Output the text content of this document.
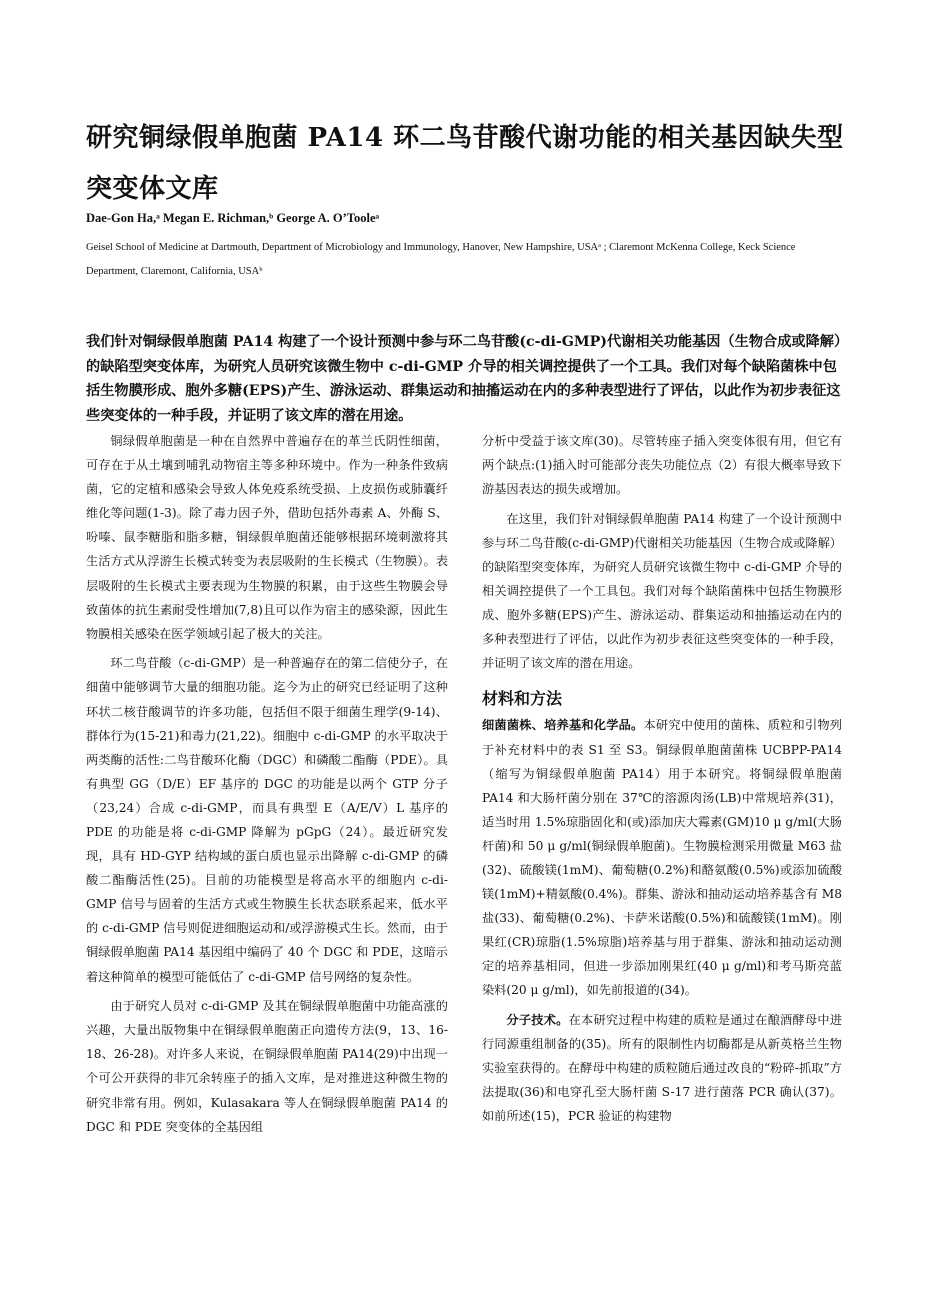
研究铜绿假单胞菌 PA14 环二鸟苷酸代谢功能的相关基因缺失型突变体文库
Dae-Gon Ha,ᵃ Megan E. Richman,ᵇ George A. O’Tooleᵃ
Geisel School of Medicine at Dartmouth, Department of Microbiology and Immunology, Hanover, New Hampshire, USAᵃ ; Claremont McKenna College, Keck Science
Department, Claremont, California, USAᵇ

我们针对铜绿假单胞菌 PA14 构建了一个设计预测中参与环二鸟苷酸(c-di-GMP)代谢相关功能基因（生物合成或降解）的缺陷型突变体库，为研究人员研究该微生物中 c-di-GMP 介导的相关调控提供了一个工具。我们对每个缺陷菌株中包括生物膜形成、胞外多糖(EPS)产生、游泳运动、群集运动和抽搐运动在内的多种表型进行了评估，以此作为初步表征这些突变体的一种手段，并证明了该文库的潜在用途。

铜绿假单胞菌是一种在自然界中普遍存在的革兰氏阴性细菌，可存在于从土壤到哺乳动物宿主等多种环境中。作为一种条件致病菌，它的定植和感染会导致人体免疫系统受损、上皮损伤或肺囊纤维化等问题(1-3)。除了毒力因子外，借助包括外毒素 A、外酶 S、吩嗪、鼠李糖脂和脂多糖，铜绿假单胞菌还能够根据环境刺激将其生活方式从浮游生长模式转变为表层吸附的生长模式（生物膜）。表层吸附的生长模式主要表现为生物膜的积累，由于这些生物膜会导致菌体的抗生素耐受性增加(7,8)且可以作为宿主的感染源，因此生物膜相关感染在医学领域引起了极大的关注。

环二鸟苷酸（c-di-GMP）是一种普遍存在的第二信使分子，在细菌中能够调节大量的细胞功能。迄今为止的研究已经证明了这种环状二核苷酸调节的许多功能，包括但不限于细菌生理学(9-14)、群体行为(15-21)和毒力(21,22)。细胞中 c-di-GMP 的水平取决于两类酶的活性:二鸟苷酸环化酶（DGC）和磷酸二酯酶（PDE）。具有典型 GG（D/E）EF 基序的 DGC 的功能是以两个 GTP 分子（23,24）合成 c-di-GMP，而具有典型 E（A/E/V）L 基序的 PDE 的功能是将 c-di-GMP 降解为 pGpG（24）。最近研究发现，具有 HD-GYP 结构域的蛋白质也显示出降解 c-di-GMP 的磷酸二酯酶活性(25)。目前的功能模型是将高水平的细胞内 c-di-GMP 信号与固着的生活方式或生物膜生长状态联系起来，低水平的 c-di-GMP 信号则促进细胞运动和/或浮游模式生长。然而，由于铜绿假单胞菌 PA14 基因组中编码了 40 个 DGC 和 PDE，这暗示着这种简单的模型可能低估了 c-di-GMP 信号网络的复杂性。

由于研究人员对 c-di-GMP 及其在铜绿假单胞菌中功能高涨的兴趣，大量出版物集中在铜绿假单胞菌正向遗传方法(9，13、16-18、26-28)。对许多人来说，在铜绿假单胞菌 PA14(29)中出现一个可公开获得的非冗余转座子的插入文库，是对推进这种微生物的研究非常有用。例如，Kulasakara 等人在铜绿假单胞菌 PA14 的 DGC 和 PDE 突变体的全基因组

分析中受益于该文库(30)。尽管转座子插入突变体很有用，但它有两个缺点:(1)插入时可能部分丧失功能位点（2）有很大概率导致下游基因表达的损失或增加。

在这里，我们针对铜绿假单胞菌 PA14 构建了一个设计预测中参与环二鸟苷酸(c-di-GMP)代谢相关功能基因（生物合成或降解）的缺陷型突变体库，为研究人员研究该微生物中 c-di-GMP 介导的相关调控提供了一个工具包。我们对每个缺陷菌株中包括生物膜形成、胞外多糖(EPS)产生、游泳运动、群集运动和抽搐运动在内的多种表型进行了评估，以此作为初步表征这些突变体的一种手段，并证明了该文库的潜在用途。

材料和方法

细菌菌株、培养基和化学品。本研究中使用的菌株、质粒和引物列于补充材料中的表 S1 至 S3。铜绿假单胞菌菌株 UCBPP-PA14（缩写为铜绿假单胞菌 PA14）用于本研究。将铜绿假单胞菌 PA14 和大肠杆菌分别在 37℃的溶源肉汤(LB)中常规培养(31)，适当时用 1.5%琼脂固化和(或)添加庆大霉素(GM)10 μ g/ml(大肠杆菌)和 50 μ g/ml(铜绿假单胞菌)。生物膜检测采用微量 M63 盐(32)、硫酸镁(1mM)、葡萄糖(0.2%)和酪氨酸(0.5%)或添加硫酸镁(1mM)+精氨酸(0.4%)。群集、游泳和抽动运动培养基含有 M8 盐(33)、葡萄糖(0.2%)、卡萨米诺酸(0.5%)和硫酸镁(1mM)。刚果红(CR)琼脂(1.5%琼脂)培养基与用于群集、游泳和抽动运动测定的培养基相同，但进一步添加刚果红(40 μ g/ml)和考马斯亮蓝染料(20 μ g/ml)，如先前报道的(34)。

分子技术。在本研究过程中构建的质粒是通过在酿酒酵母中进行同源重组制备的(35)。所有的限制性内切酶都是从新英格兰生物实验室获得的。在酵母中构建的质粒随后通过改良的“粉碎-抓取”方法提取(36)和电穿孔至大肠杆菌 S-17 进行菌落 PCR 确认(37)。如前所述(15)，PCR 验证的构建物
